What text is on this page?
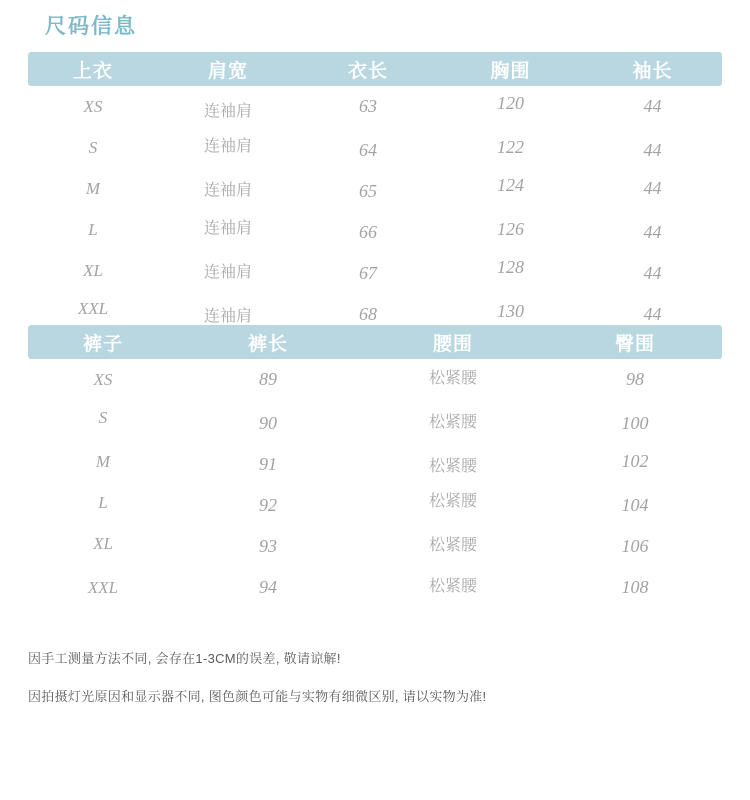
尺码信息
上衣	肩宽	衣长	胸围	袖长
XS	连袖肩	63	120	44
S	连袖肩	64	122	44
M	连袖肩	65	124	44
L	连袖肩	66	126	44
XL	连袖肩	67	128	44
XXL	连袖肩	68	130	44
裤子	裤长	腰围	臀围
XS	89	松紧腰	98
S	90	松紧腰	100
M	91	松紧腰	102
L	92	松紧腰	104
XL	93	松紧腰	106
XXL	94	松紧腰	108
因手工测量方法不同, 会存在1-3CM的误差, 敬请谅解!
因拍摄灯光原因和显示器不同, 图色颜色可能与实物有细微区别, 请以实物为准!
